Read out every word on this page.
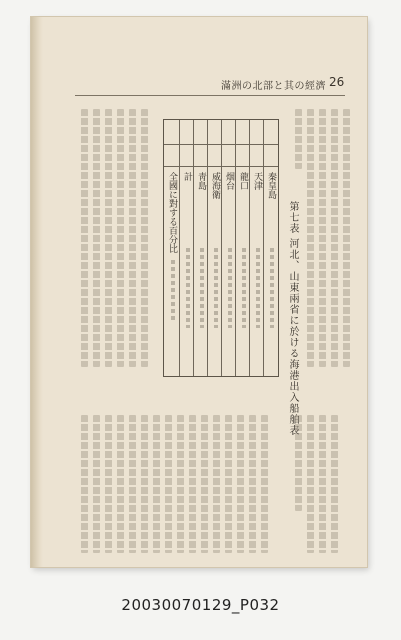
滿洲の北部と其の經濟 26
第七表 河北、山東兩省に於ける海港出入船舶表
秦皇島
天津
龍口
烟台
威海衛
靑島
計
全國に對する百分比
20030070129_P032
